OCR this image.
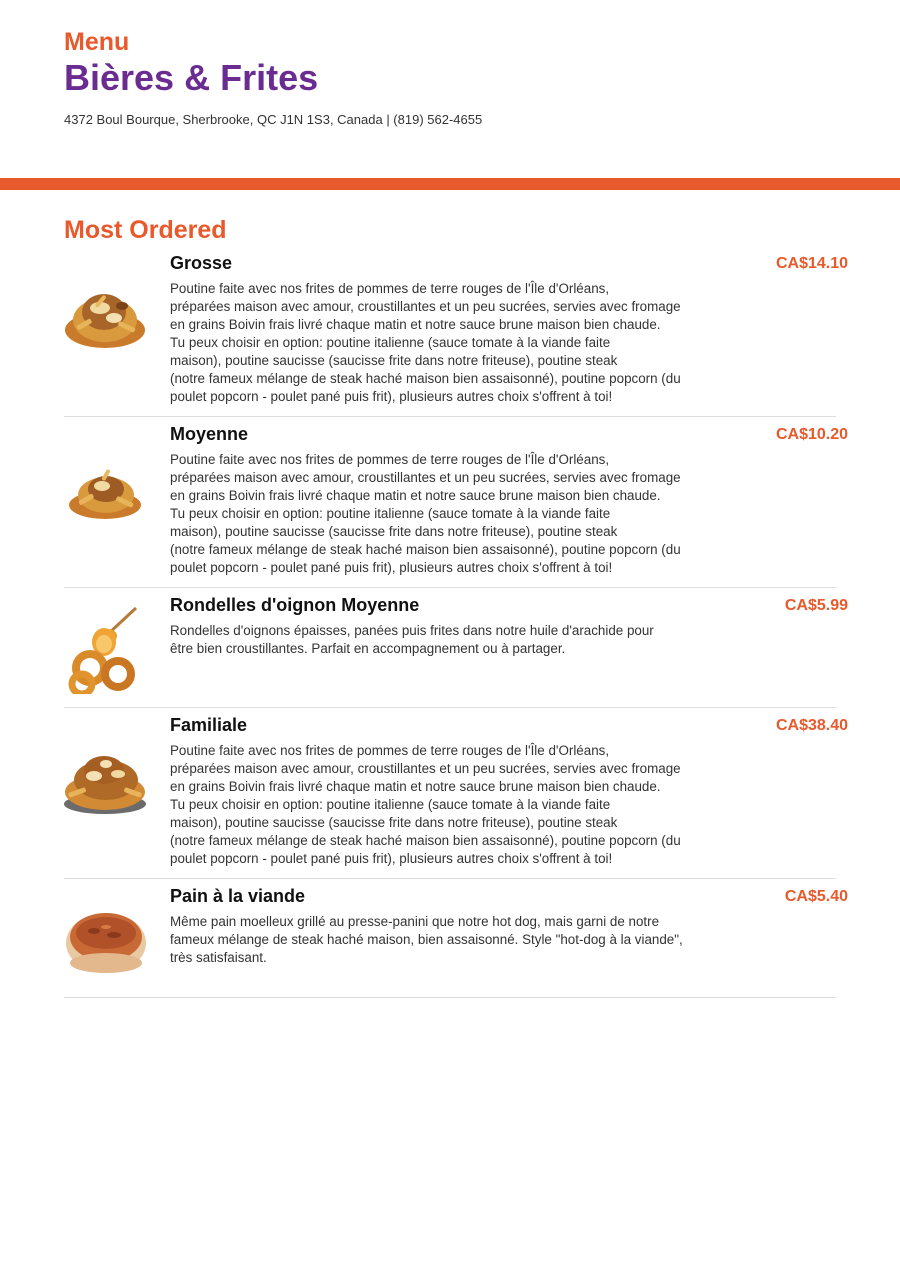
Menu
Bières & Frites
4372 Boul Bourque, Sherbrooke, QC J1N 1S3, Canada | (819) 562-4655
Most Ordered
Grosse
Poutine faite avec nos frites de pommes de terre rouges de l'Île d'Orléans,
préparées maison avec amour, croustillantes et un peu sucrées, servies avec fromage
en grains Boivin frais livré chaque matin et notre sauce brune maison bien chaude.
Tu peux choisir en option: poutine italienne (sauce tomate à la viande faite
maison), poutine saucisse (saucisse frite dans notre friteuse), poutine steak
(notre fameux mélange de steak haché maison bien assaisonné), poutine popcorn (du
poulet popcorn - poulet pané puis frit), plusieurs autres choix s'offrent à toi!
CA$14.10
Moyenne
Poutine faite avec nos frites de pommes de terre rouges de l'Île d'Orléans,
préparées maison avec amour, croustillantes et un peu sucrées, servies avec fromage
en grains Boivin frais livré chaque matin et notre sauce brune maison bien chaude.
Tu peux choisir en option: poutine italienne (sauce tomate à la viande faite
maison), poutine saucisse (saucisse frite dans notre friteuse), poutine steak
(notre fameux mélange de steak haché maison bien assaisonné), poutine popcorn (du
poulet popcorn - poulet pané puis frit), plusieurs autres choix s'offrent à toi!
CA$10.20
Rondelles d'oignon Moyenne
Rondelles d'oignons épaisses, panées puis frites dans notre huile d'arachide pour
être bien croustillantes. Parfait en accompagnement ou à partager.
CA$5.99
Familiale
Poutine faite avec nos frites de pommes de terre rouges de l'Île d'Orléans,
préparées maison avec amour, croustillantes et un peu sucrées, servies avec fromage
en grains Boivin frais livré chaque matin et notre sauce brune maison bien chaude.
Tu peux choisir en option: poutine italienne (sauce tomate à la viande faite
maison), poutine saucisse (saucisse frite dans notre friteuse), poutine steak
(notre fameux mélange de steak haché maison bien assaisonné), poutine popcorn (du
poulet popcorn - poulet pané puis frit), plusieurs autres choix s'offrent à toi!
CA$38.40
Pain à la viande
Même pain moelleux grillé au presse-panini que notre hot dog, mais garni de notre
fameux mélange de steak haché maison, bien assaisonné. Style "hot-dog à la viande",
très satisfaisant.
CA$5.40
